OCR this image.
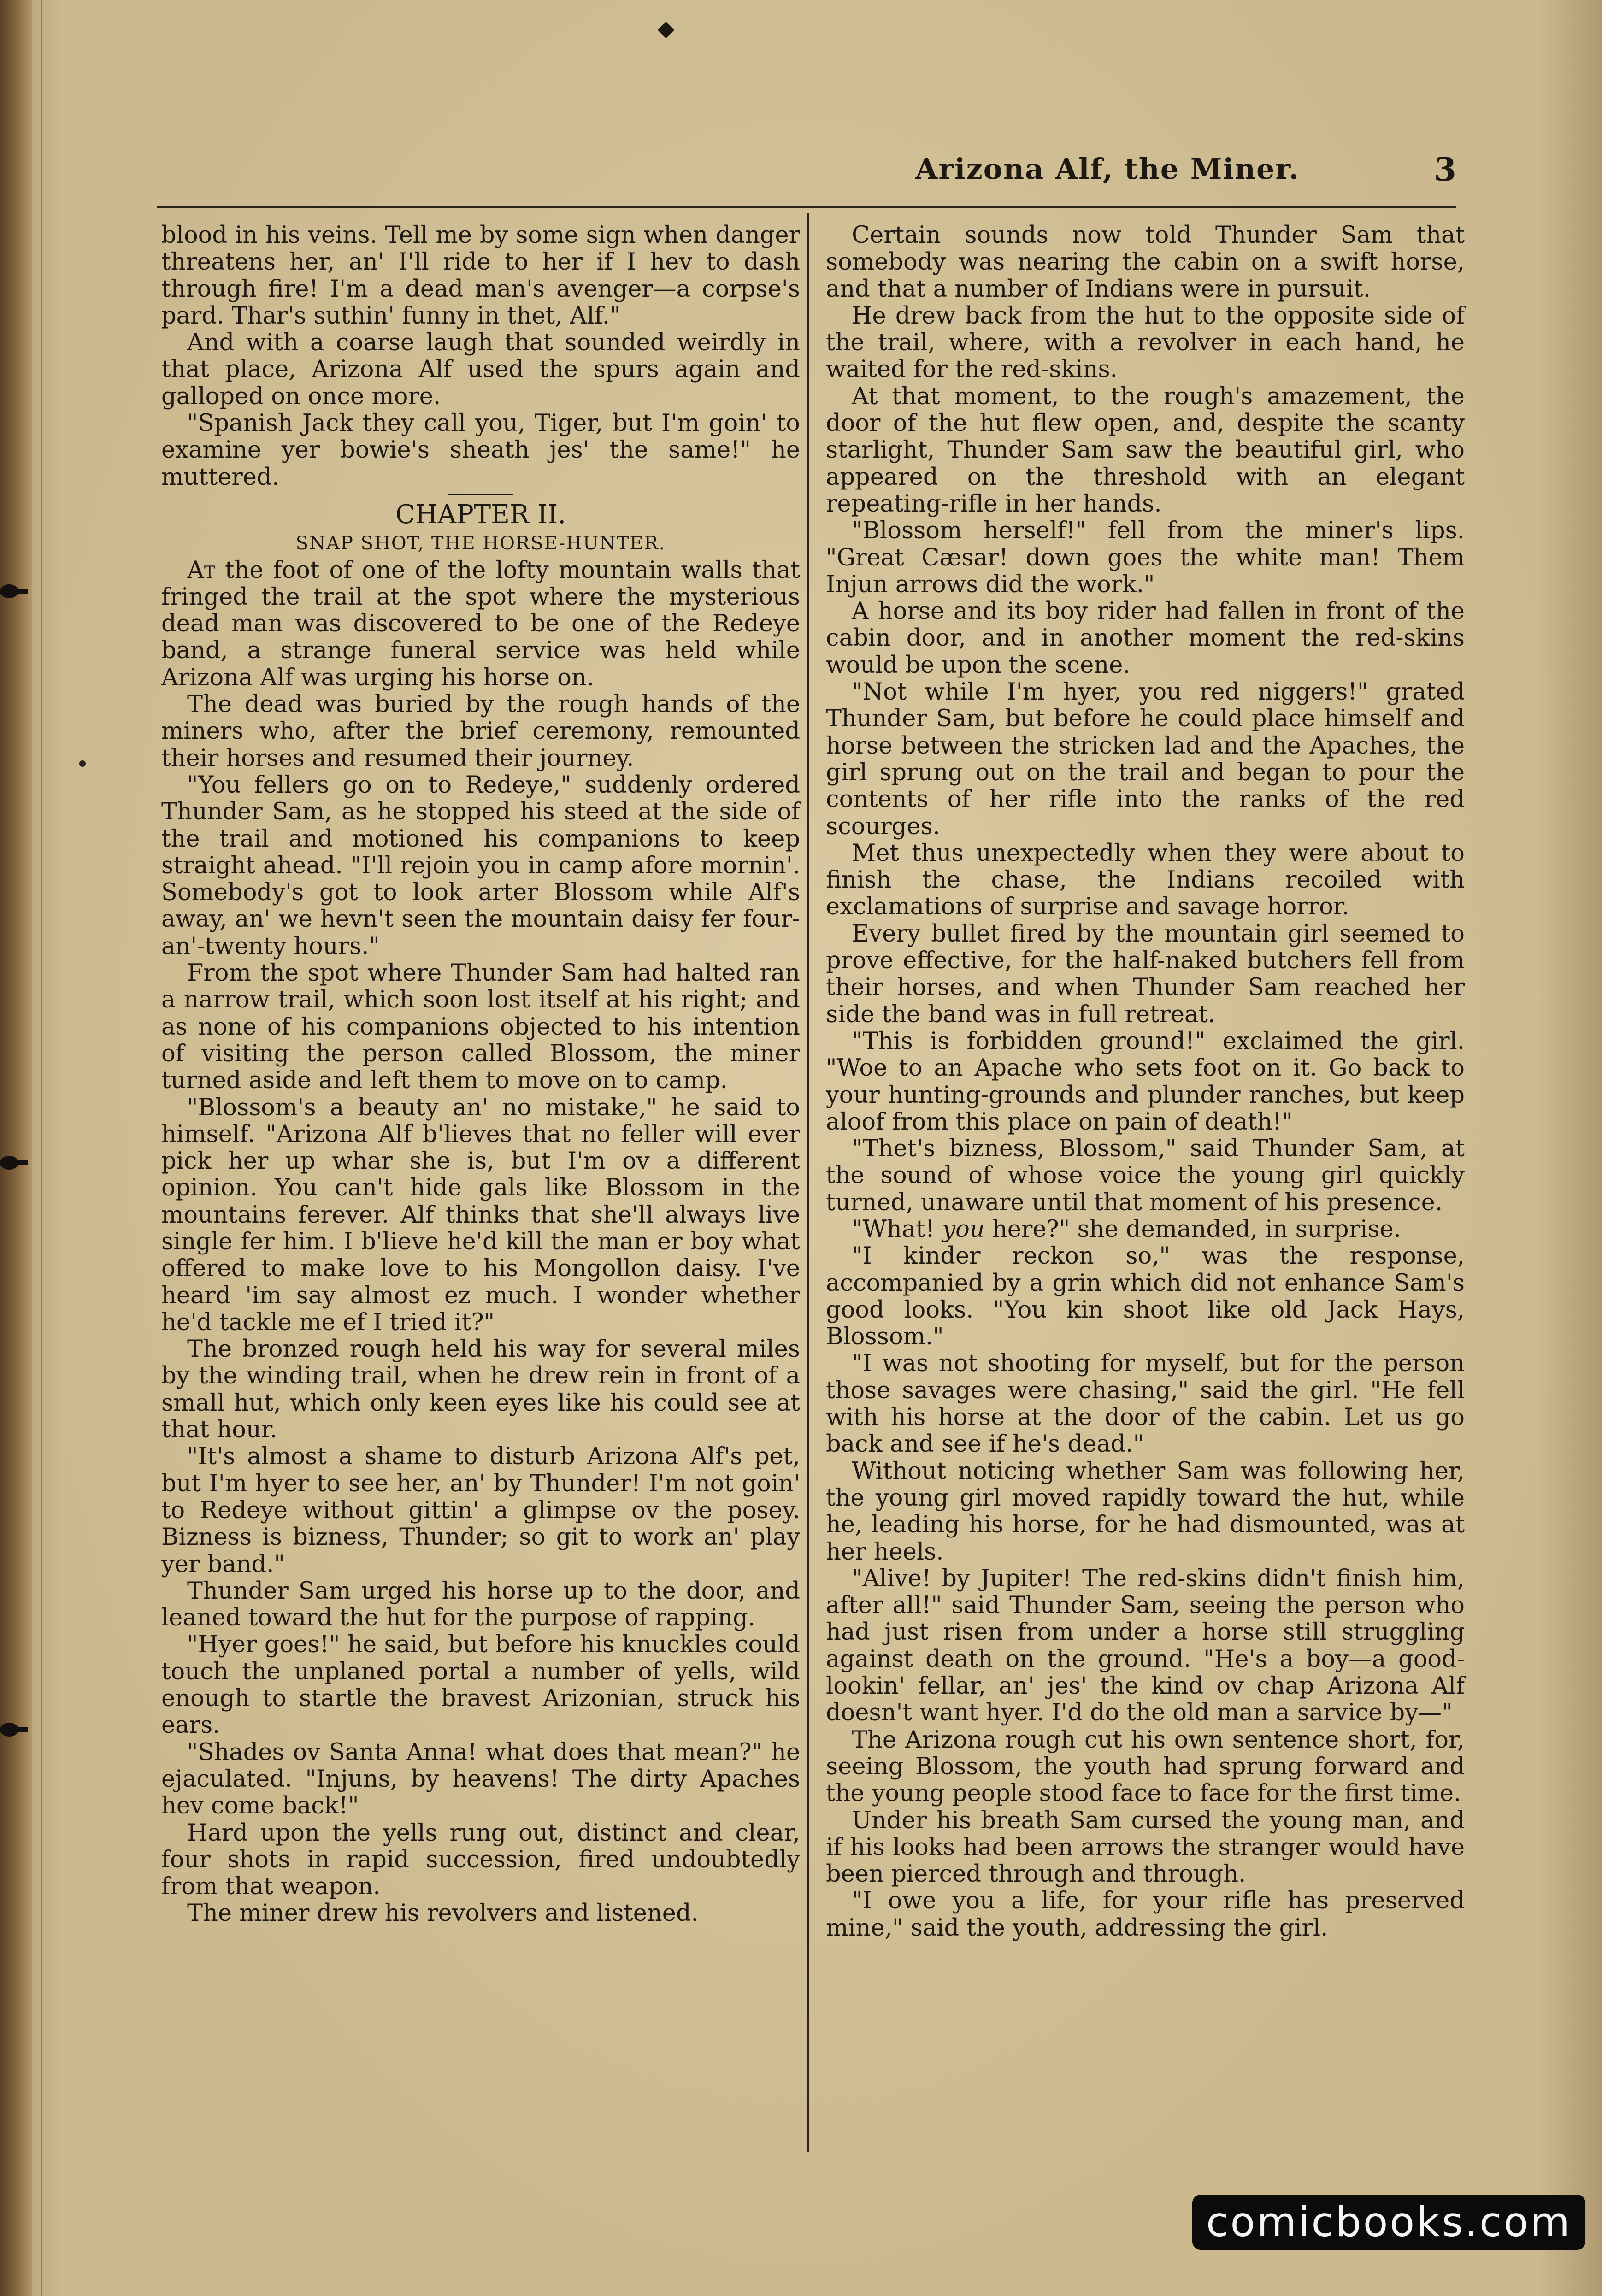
Arizona Alf, the Miner.	3

blood in his veins. Tell me by some sign when danger threatens her, an' I'll ride to her if I hev to dash through fire! I'm a dead man's avenger—a corpse's pard. Thar's suthin' funny in thet, Alf."

And with a coarse laugh that sounded weirdly in that place, Arizona Alf used the spurs again and galloped on once more.

"Spanish Jack they call you, Tiger, but I'm goin' to examine yer bowie's sheath jes' the same!" he muttered.

CHAPTER II.

SNAP SHOT, THE HORSE-HUNTER.

At the foot of one of the lofty mountain walls that fringed the trail at the spot where the mysterious dead man was discovered to be one of the Redeye band, a strange funeral service was held while Arizona Alf was urging his horse on.

The dead was buried by the rough hands of the miners who, after the brief ceremony, remounted their horses and resumed their journey.

"You fellers go on to Redeye," suddenly ordered Thunder Sam, as he stopped his steed at the side of the trail and motioned his companions to keep straight ahead. "I'll rejoin you in camp afore mornin'. Somebody's got to look arter Blossom while Alf's away, an' we hevn't seen the mountain daisy fer four-an'-twenty hours."

From the spot where Thunder Sam had halted ran a narrow trail, which soon lost itself at his right; and as none of his companions objected to his intention of visiting the person called Blossom, the miner turned aside and left them to move on to camp.

"Blossom's a beauty an' no mistake," he said to himself. "Arizona Alf b'lieves that no feller will ever pick her up whar she is, but I'm ov a different opinion. You can't hide gals like Blossom in the mountains ferever. Alf thinks that she'll always live single fer him. I b'lieve he'd kill the man er boy what offered to make love to his Mongollon daisy. I've heard 'im say almost ez much. I wonder whether he'd tackle me ef I tried it?"

The bronzed rough held his way for several miles by the winding trail, when he drew rein in front of a small hut, which only keen eyes like his could see at that hour.

"It's almost a shame to disturb Arizona Alf's pet, but I'm hyer to see her, an' by Thunder! I'm not goin' to Redeye without gittin' a glimpse ov the posey. Bizness is bizness, Thunder; so git to work an' play yer band."

Thunder Sam urged his horse up to the door, and leaned toward the hut for the purpose of rapping.

"Hyer goes!" he said, but before his knuckles could touch the unplaned portal a number of yells, wild enough to startle the bravest Arizonian, struck his ears.

"Shades ov Santa Anna! what does that mean?" he ejaculated. "Injuns, by heavens! The dirty Apaches hev come back!"

Hard upon the yells rung out, distinct and clear, four shots in rapid succession, fired undoubtedly from that weapon.

The miner drew his revolvers and listened.

Certain sounds now told Thunder Sam that somebody was nearing the cabin on a swift horse, and that a number of Indians were in pursuit.

He drew back from the hut to the opposite side of the trail, where, with a revolver in each hand, he waited for the red-skins.

At that moment, to the rough's amazement, the door of the hut flew open, and, despite the scanty starlight, Thunder Sam saw the beautiful girl, who appeared on the threshold with an elegant repeating-rifle in her hands.

"Blossom herself!" fell from the miner's lips. "Great Cæsar! down goes the white man! Them Injun arrows did the work."

A horse and its boy rider had fallen in front of the cabin door, and in another moment the red-skins would be upon the scene.

"Not while I'm hyer, you red niggers!" grated Thunder Sam, but before he could place himself and horse between the stricken lad and the Apaches, the girl sprung out on the trail and began to pour the contents of her rifle into the ranks of the red scourges.

Met thus unexpectedly when they were about to finish the chase, the Indians recoiled with exclamations of surprise and savage horror.

Every bullet fired by the mountain girl seemed to prove effective, for the half-naked butchers fell from their horses, and when Thunder Sam reached her side the band was in full retreat.

"This is forbidden ground!" exclaimed the girl. "Woe to an Apache who sets foot on it. Go back to your hunting-grounds and plunder ranches, but keep aloof from this place on pain of death!"

"Thet's bizness, Blossom," said Thunder Sam, at the sound of whose voice the young girl quickly turned, unaware until that moment of his presence.

"What! you here?" she demanded, in surprise.

"I kinder reckon so," was the response, accompanied by a grin which did not enhance Sam's good looks. "You kin shoot like old Jack Hays, Blossom."

"I was not shooting for myself, but for the person those savages were chasing," said the girl. "He fell with his horse at the door of the cabin. Let us go back and see if he's dead."

Without noticing whether Sam was following her, the young girl moved rapidly toward the hut, while he, leading his horse, for he had dismounted, was at her heels.

"Alive! by Jupiter! The red-skins didn't finish him, after all!" said Thunder Sam, seeing the person who had just risen from under a horse still struggling against death on the ground. "He's a boy—a good-lookin' fellar, an' jes' the kind ov chap Arizona Alf doesn't want hyer. I'd do the old man a sarvice by—"

The Arizona rough cut his own sentence short, for, seeing Blossom, the youth had sprung forward and the young people stood face to face for the first time.

Under his breath Sam cursed the young man, and if his looks had been arrows the stranger would have been pierced through and through.

"I owe you a life, for your rifle has preserved mine," said the youth, addressing the girl.

comicbooks.com
